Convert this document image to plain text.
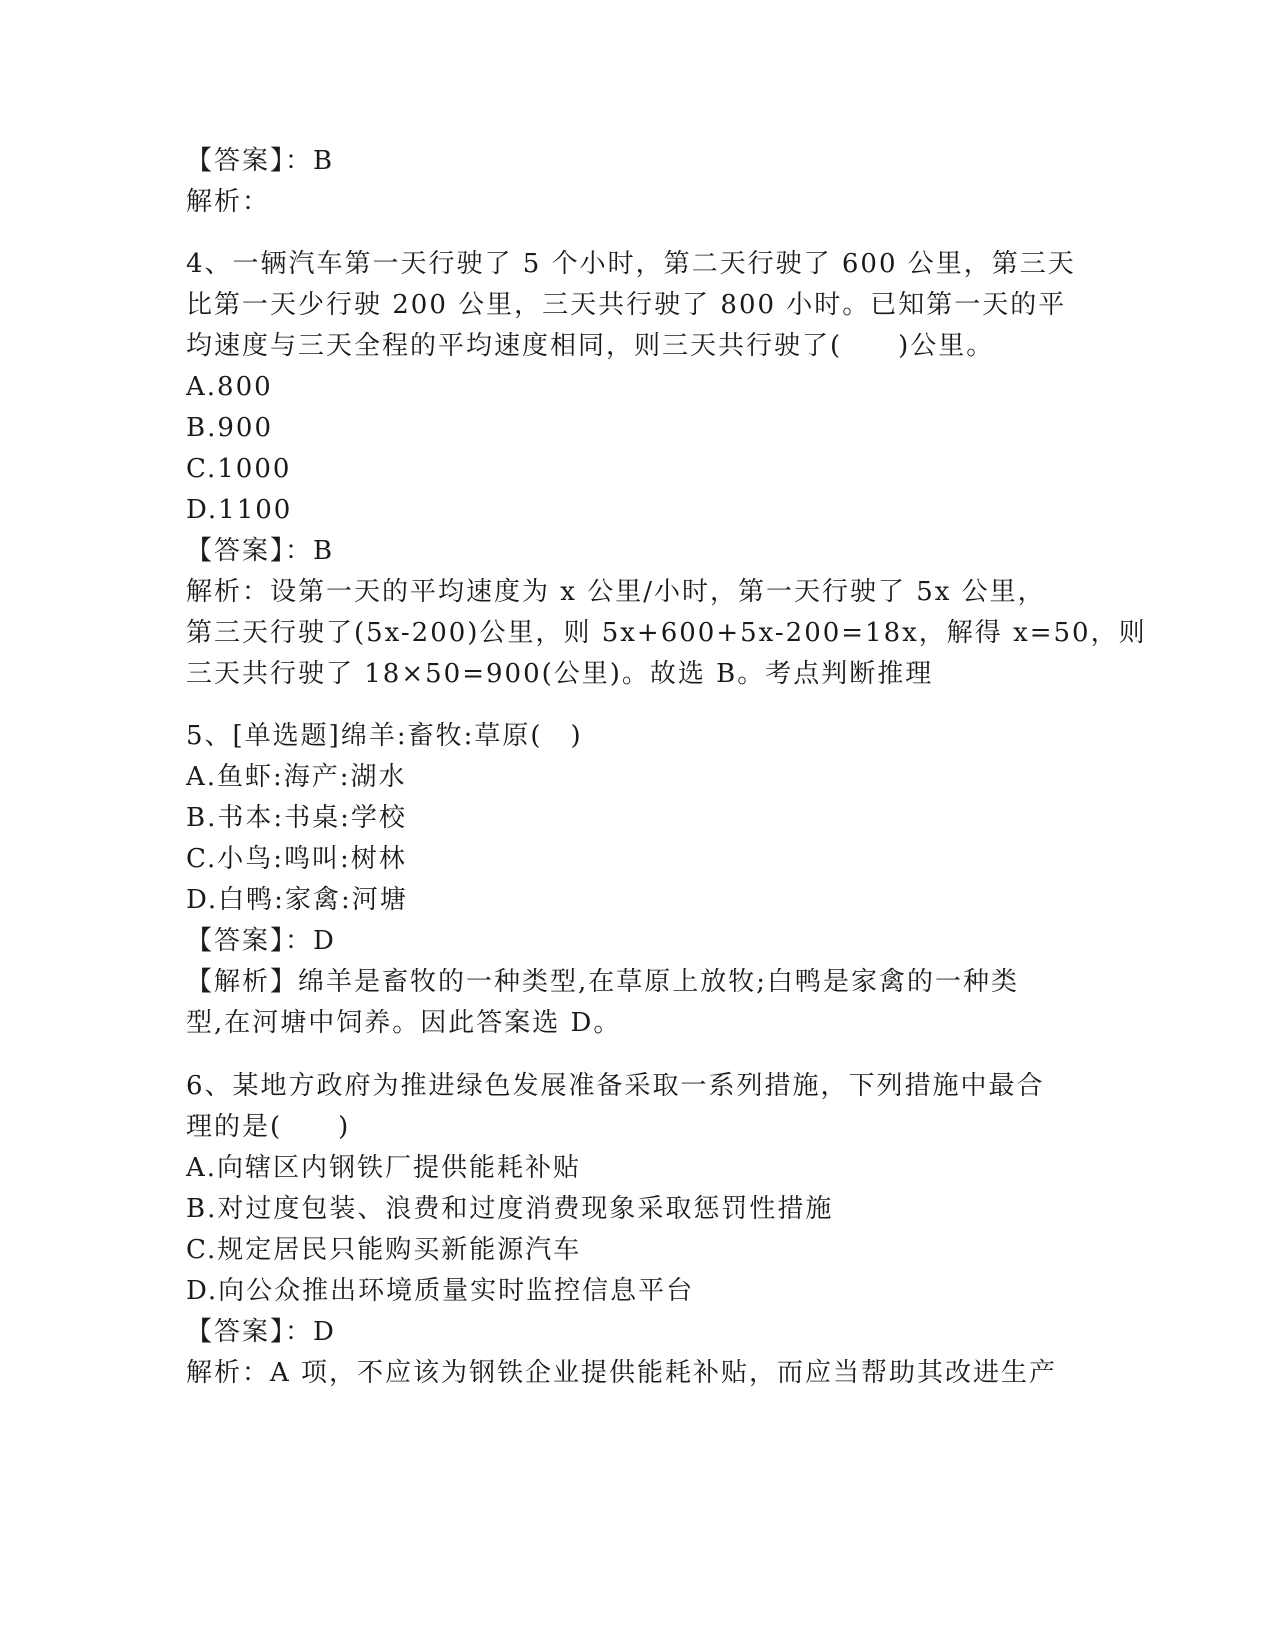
【答案】：B
解析：
4、一辆汽车第一天行驶了 5 个小时，第二天行驶了 600 公里，第三天
比第一天少行驶 200 公里，三天共行驶了 800 小时。已知第一天的平
均速度与三天全程的平均速度相同，则三天共行驶了(　　)公里。
A.800
B.900
C.1000
D.1100
【答案】：B
解析：设第一天的平均速度为 x 公里/小时，第一天行驶了 5x 公里，
第三天行驶了(5x-200)公里，则 5x+600+5x-200=18x，解得 x=50，则
三天共行驶了 18×50=900(公里)。故选 B。考点判断推理
5、[单选题]绵羊:畜牧:草原(　)
A.鱼虾:海产:湖水
B.书本:书桌:学校
C.小鸟:鸣叫:树林
D.白鸭:家禽:河塘
【答案】：D
【解析】绵羊是畜牧的一种类型,在草原上放牧;白鸭是家禽的一种类
型,在河塘中饲养。因此答案选 D。
6、某地方政府为推进绿色发展准备采取一系列措施，下列措施中最合
理的是(　　)
A.向辖区内钢铁厂提供能耗补贴
B.对过度包装、浪费和过度消费现象采取惩罚性措施
C.规定居民只能购买新能源汽车
D.向公众推出环境质量实时监控信息平台
【答案】：D
解析：A 项，不应该为钢铁企业提供能耗补贴，而应当帮助其改进生产
